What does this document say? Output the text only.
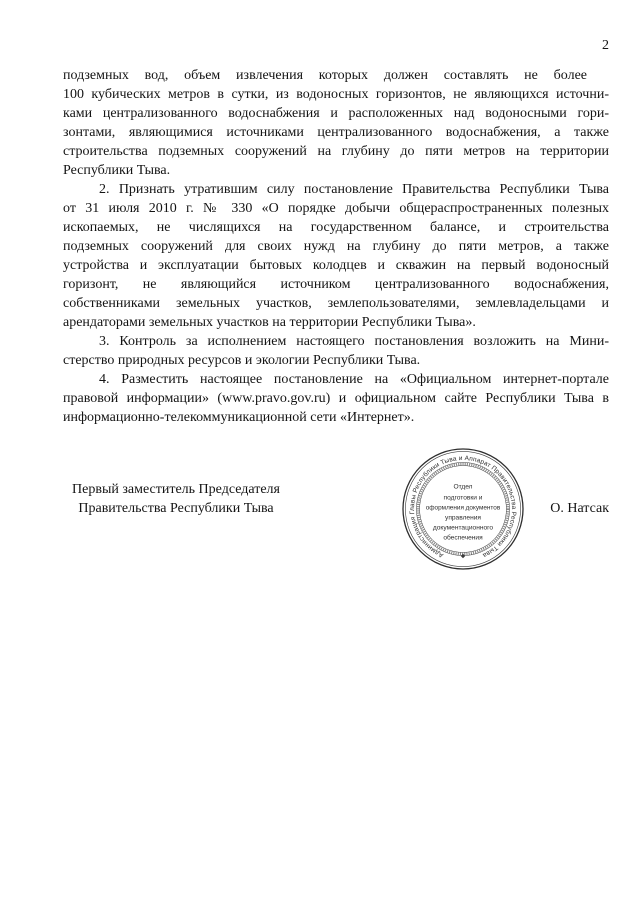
2
подземных вод, объем извлечения которых должен составлять не более
100 кубических метров в сутки, из водоносных горизонтов, не являющихся источни-
ками централизованного водоснабжения и расположенных над водоносными гори-
зонтами, являющимися источниками централизованного водоснабжения, а также
строительства подземных сооружений на глубину до пяти метров на территории
Республики Тыва.
2. Признать утратившим силу постановление Правительства Республики Тыва
от 31 июля 2010 г. № 330 «О порядке добычи общераспространенных полезных
ископаемых, не числящихся на государственном балансе, и строительства
подземных сооружений для своих нужд на глубину до пяти метров, а также
устройства и эксплуатации бытовых колодцев и скважин на первый водоносный
горизонт, не являющийся источником централизованного водоснабжения,
собственниками земельных участков, землепользователями, землевладельцами и
арендаторами земельных участков на территории Республики Тыва».
3. Контроль за исполнением настоящего постановления возложить на Мини-
стерство природных ресурсов и экологии Республики Тыва.
4. Разместить настоящее постановление на «Официальном интернет-портале
правовой информации» (www.pravo.gov.ru) и официальном сайте Республики Тыва в
информационно-телекоммуникационной сети «Интернет».
Первый заместитель Председателя
Правительства Республики Тыва
Администрация Главы Республики Тыва и Аппарат Правительства Республики Тыва
Отдел
подготовки и
оформления документов
управления
документационного
обеспечения
О. Натсак
